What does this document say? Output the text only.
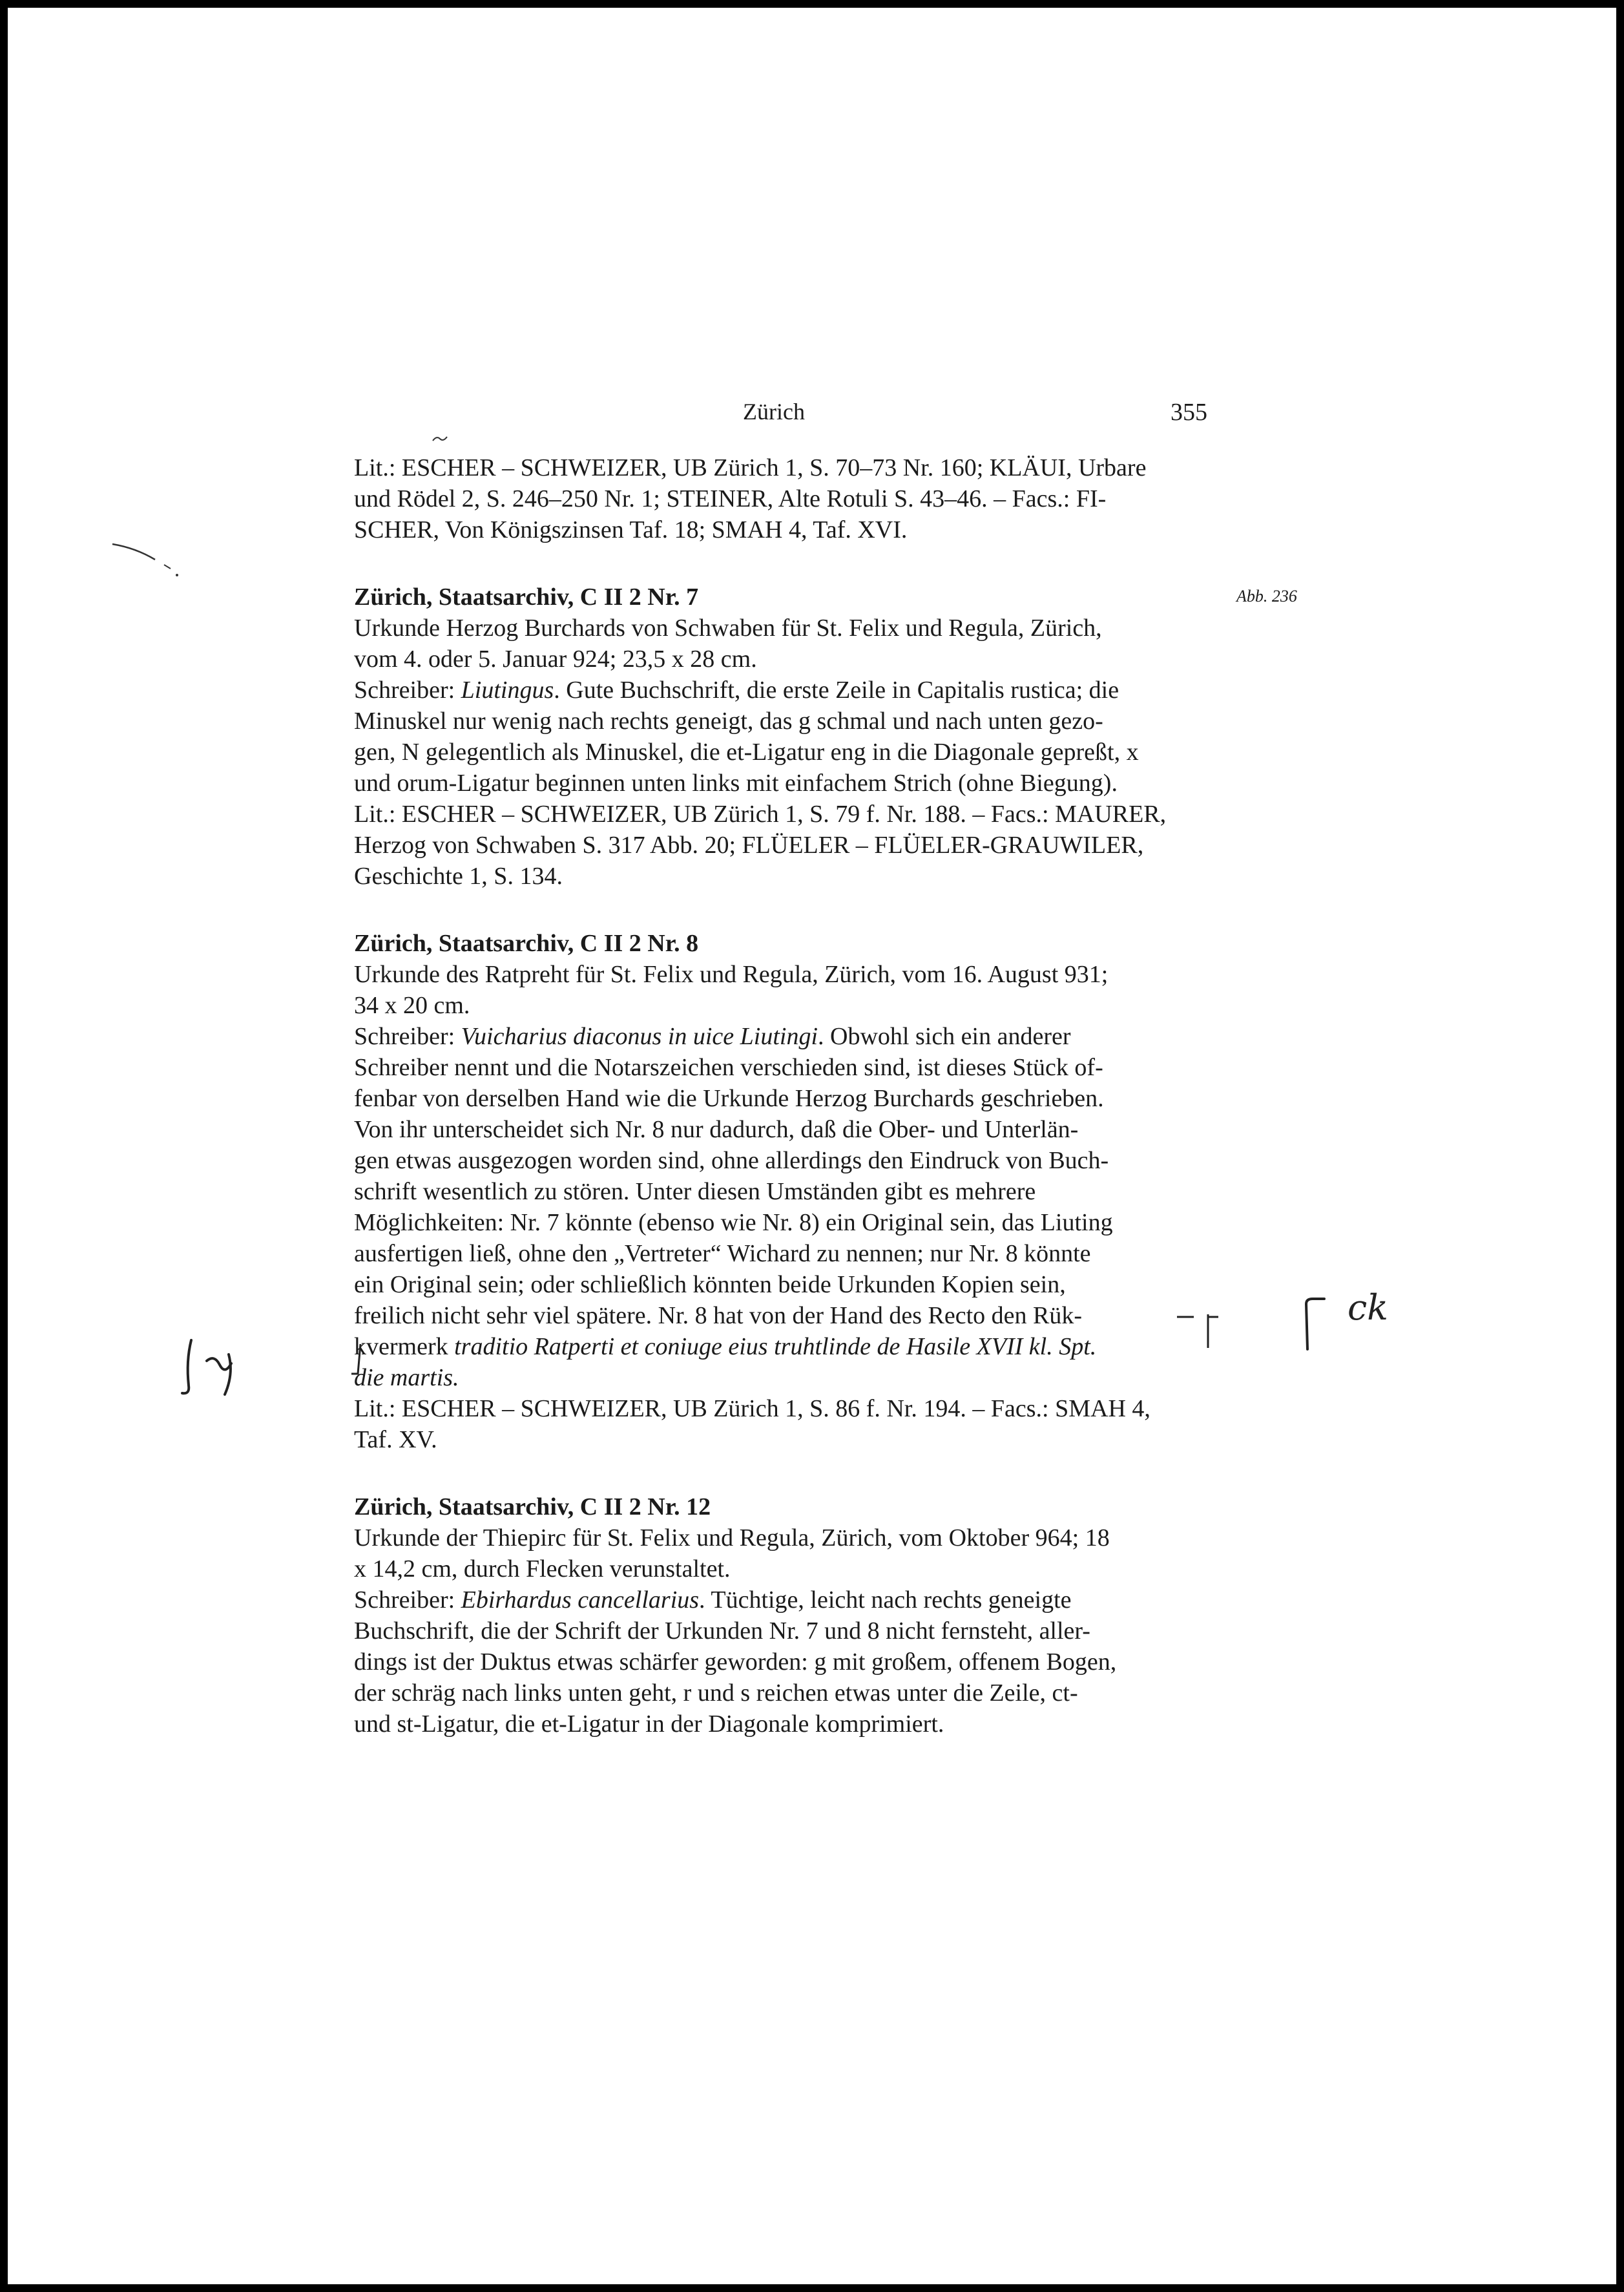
Zürich	355
Abb. 236
Lit.: ESCHER – SCHWEIZER, UB Zürich 1, S. 70–73 Nr. 160; KLÄUI, Urbare
und Rödel 2, S. 246–250 Nr. 1; STEINER, Alte Rotuli S. 43–46. – Facs.: FI-
SCHER, Von Königszinsen Taf. 18; SMAH 4, Taf. XVI.
Zürich, Staatsarchiv, C II 2 Nr. 7
Urkunde Herzog Burchards von Schwaben für St. Felix und Regula, Zürich,
vom 4. oder 5. Januar 924; 23,5 x 28 cm.
Schreiber: Liutingus. Gute Buchschrift, die erste Zeile in Capitalis rustica; die
Minuskel nur wenig nach rechts geneigt, das g schmal und nach unten gezo-
gen, N gelegentlich als Minuskel, die et-Ligatur eng in die Diagonale gepreßt, x
und orum-Ligatur beginnen unten links mit einfachem Strich (ohne Biegung).
Lit.: ESCHER – SCHWEIZER, UB Zürich 1, S. 79 f. Nr. 188. – Facs.: MAURER,
Herzog von Schwaben S. 317 Abb. 20; FLÜELER – FLÜELER-GRAUWILER,
Geschichte 1, S. 134.
Zürich, Staatsarchiv, C II 2 Nr. 8
Urkunde des Ratpreht für St. Felix und Regula, Zürich, vom 16. August 931;
34 x 20 cm.
Schreiber: Vuicharius diaconus in uice Liutingi. Obwohl sich ein anderer
Schreiber nennt und die Notarszeichen verschieden sind, ist dieses Stück of-
fenbar von derselben Hand wie die Urkunde Herzog Burchards geschrieben.
Von ihr unterscheidet sich Nr. 8 nur dadurch, daß die Ober- und Unterlän-
gen etwas ausgezogen worden sind, ohne allerdings den Eindruck von Buch-
schrift wesentlich zu stören. Unter diesen Umständen gibt es mehrere
Möglichkeiten: Nr. 7 könnte (ebenso wie Nr. 8) ein Original sein, das Liuting
ausfertigen ließ, ohne den „Vertreter“ Wichard zu nennen; nur Nr. 8 könnte
ein Original sein; oder schließlich könnten beide Urkunden Kopien sein,
freilich nicht sehr viel spätere. Nr. 8 hat von der Hand des Recto den Rük-
kvermerk traditio Ratperti et coniuge eius truhtlinde de Hasile XVII kl. Spt.
die martis.
Lit.: ESCHER – SCHWEIZER, UB Zürich 1, S. 86 f. Nr. 194. – Facs.: SMAH 4,
Taf. XV.
Zürich, Staatsarchiv, C II 2 Nr. 12
Urkunde der Thiepirc für St. Felix und Regula, Zürich, vom Oktober 964; 18
x 14,2 cm, durch Flecken verunstaltet.
Schreiber: Ebirhardus cancellarius. Tüchtige, leicht nach rechts geneigte
Buchschrift, die der Schrift der Urkunden Nr. 7 und 8 nicht fernsteht, aller-
dings ist der Duktus etwas schärfer geworden: g mit großem, offenem Bogen,
der schräg nach links unten geht, r und s reichen etwas unter die Zeile, ct-
und st-Ligatur, die et-Ligatur in der Diagonale komprimiert.
ck
